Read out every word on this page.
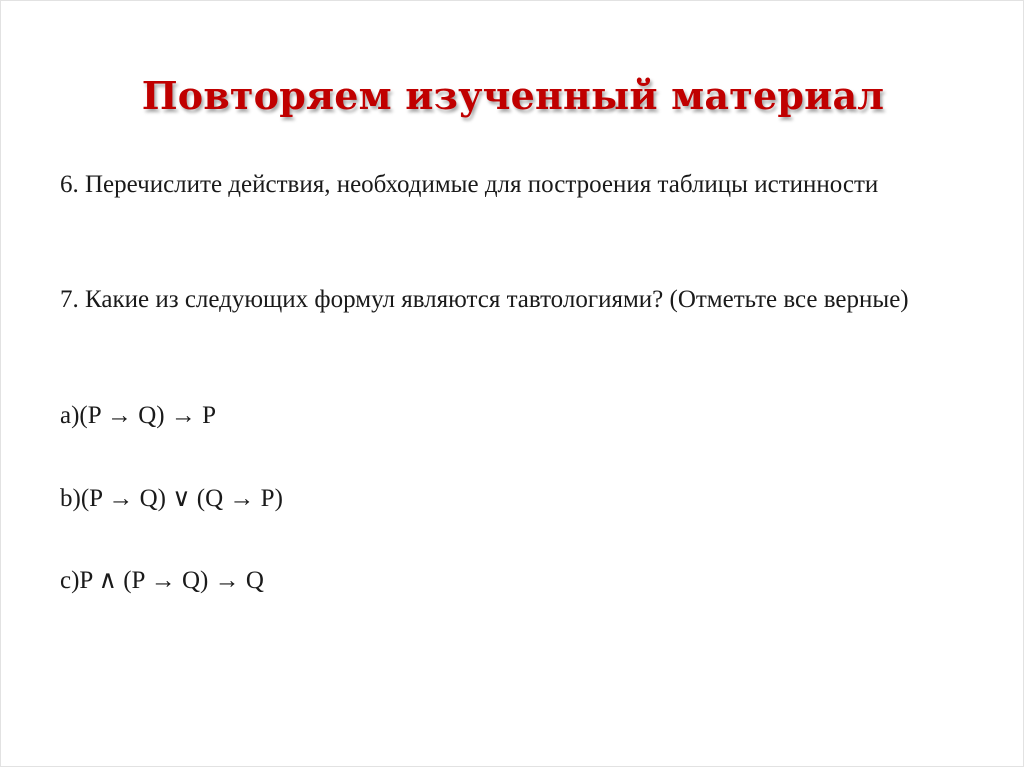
Повторяем изученный материал
6. Перечислите действия, необходимые для построения таблицы истинности
7. Какие из следующих формул являются тавтологиями? (Отметьте все верные)
a)(P → Q) → P
b)(P → Q) ∨ (Q → P)
c)P ∧ (P → Q) → Q
